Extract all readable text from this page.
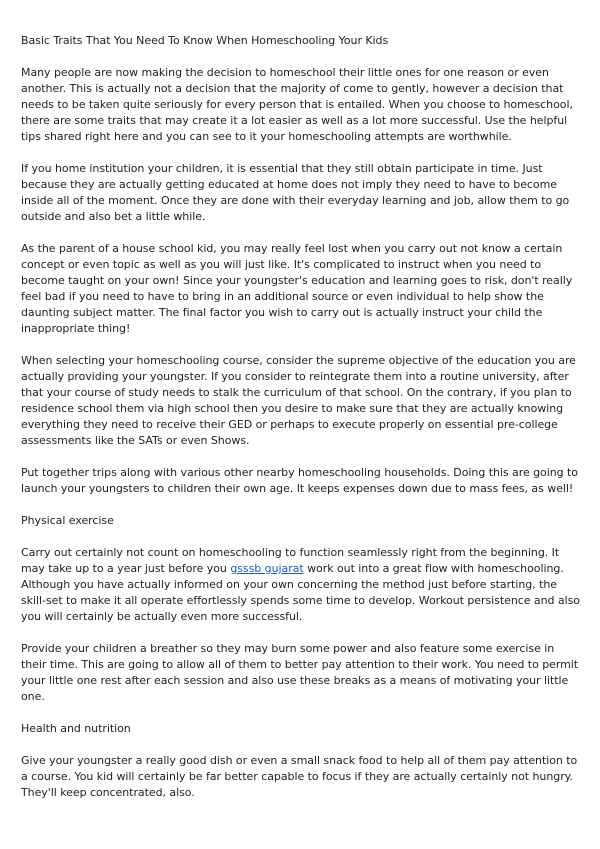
Basic Traits That You Need To Know When Homeschooling Your Kids

Many people are now making the decision to homeschool their little ones for one reason or even another. This is actually not a decision that the majority of come to gently, however a decision that needs to be taken quite seriously for every person that is entailed. When you choose to homeschool, there are some traits that may create it a lot easier as well as a lot more successful. Use the helpful tips shared right here and you can see to it your homeschooling attempts are worthwhile.

If you home institution your children, it is essential that they still obtain participate in time. Just because they are actually getting educated at home does not imply they need to have to become inside all of the moment. Once they are done with their everyday learning and job, allow them to go outside and also bet a little while.

As the parent of a house school kid, you may really feel lost when you carry out not know a certain concept or even topic as well as you will just like. It's complicated to instruct when you need to become taught on your own! Since your youngster's education and learning goes to risk, don't really feel bad if you need to have to bring in an additional source or even individual to help show the daunting subject matter. The final factor you wish to carry out is actually instruct your child the inappropriate thing!

When selecting your homeschooling course, consider the supreme objective of the education you are actually providing your youngster. If you consider to reintegrate them into a routine university, after that your course of study needs to stalk the curriculum of that school. On the contrary, if you plan to residence school them via high school then you desire to make sure that they are actually knowing everything they need to receive their GED or perhaps to execute properly on essential pre-college assessments like the SATs or even Shows.

Put together trips along with various other nearby homeschooling households. Doing this are going to launch your youngsters to children their own age. It keeps expenses down due to mass fees, as well!

Physical exercise

Carry out certainly not count on homeschooling to function seamlessly right from the beginning. It may take up to a year just before you gsssb gujarat work out into a great flow with homeschooling. Although you have actually informed on your own concerning the method just before starting, the skill-set to make it all operate effortlessly spends some time to develop. Workout persistence and also you will certainly be actually even more successful.

Provide your children a breather so they may burn some power and also feature some exercise in their time. This are going to allow all of them to better pay attention to their work. You need to permit your little one rest after each session and also use these breaks as a means of motivating your little one.

Health and nutrition

Give your youngster a really good dish or even a small snack food to help all of them pay attention to a course. You kid will certainly be far better capable to focus if they are actually certainly not hungry. They'll keep concentrated, also.
